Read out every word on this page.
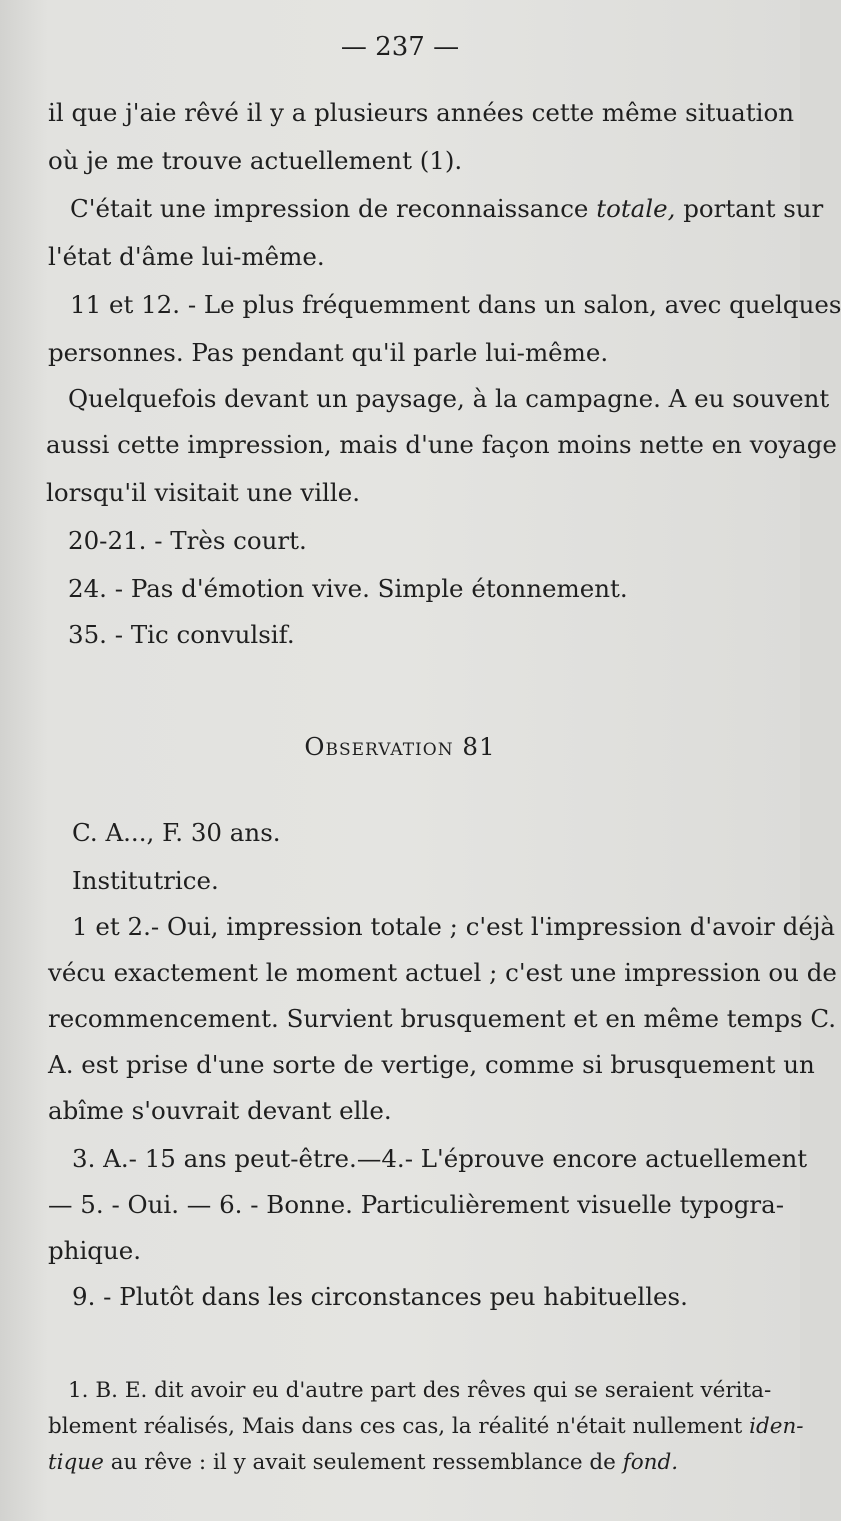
— 237 —
il que j'aie rêvé il y a plusieurs années cette même situation
où je me trouve actuellement (1).
C'était une impression de reconnaissance totale, portant sur
l'état d'âme lui-même.
11 et 12. - Le plus fréquemment dans un salon, avec quelques
personnes. Pas pendant qu'il parle lui-même.
Quelquefois devant un paysage, à la campagne. A eu souvent
aussi cette impression, mais d'une façon moins nette en voyage
lorsqu'il visitait une ville.
20-21. - Très court.
24. - Pas d'émotion vive. Simple étonnement.
35. - Tic convulsif.
Observation 81
C. A..., F. 30 ans.
Institutrice.
1 et 2.- Oui, impression totale ; c'est l'impression d'avoir déjà
vécu exactement le moment actuel ; c'est une impression ou de
recommencement. Survient brusquement et en même temps C.
A. est prise d'une sorte de vertige, comme si brusquement un
abîme s'ouvrait devant elle.
3. A.- 15 ans peut-être.—4.- L'éprouve encore actuellement
— 5. - Oui. — 6. - Bonne. Particulièrement visuelle typogra-
phique.
9. - Plutôt dans les circonstances peu habituelles.
1. B. E. dit avoir eu d'autre part des rêves qui se seraient vérita-
blement réalisés, Mais dans ces cas, la réalité n'était nullement iden-
tique au rêve : il y avait seulement ressemblance de fond.
